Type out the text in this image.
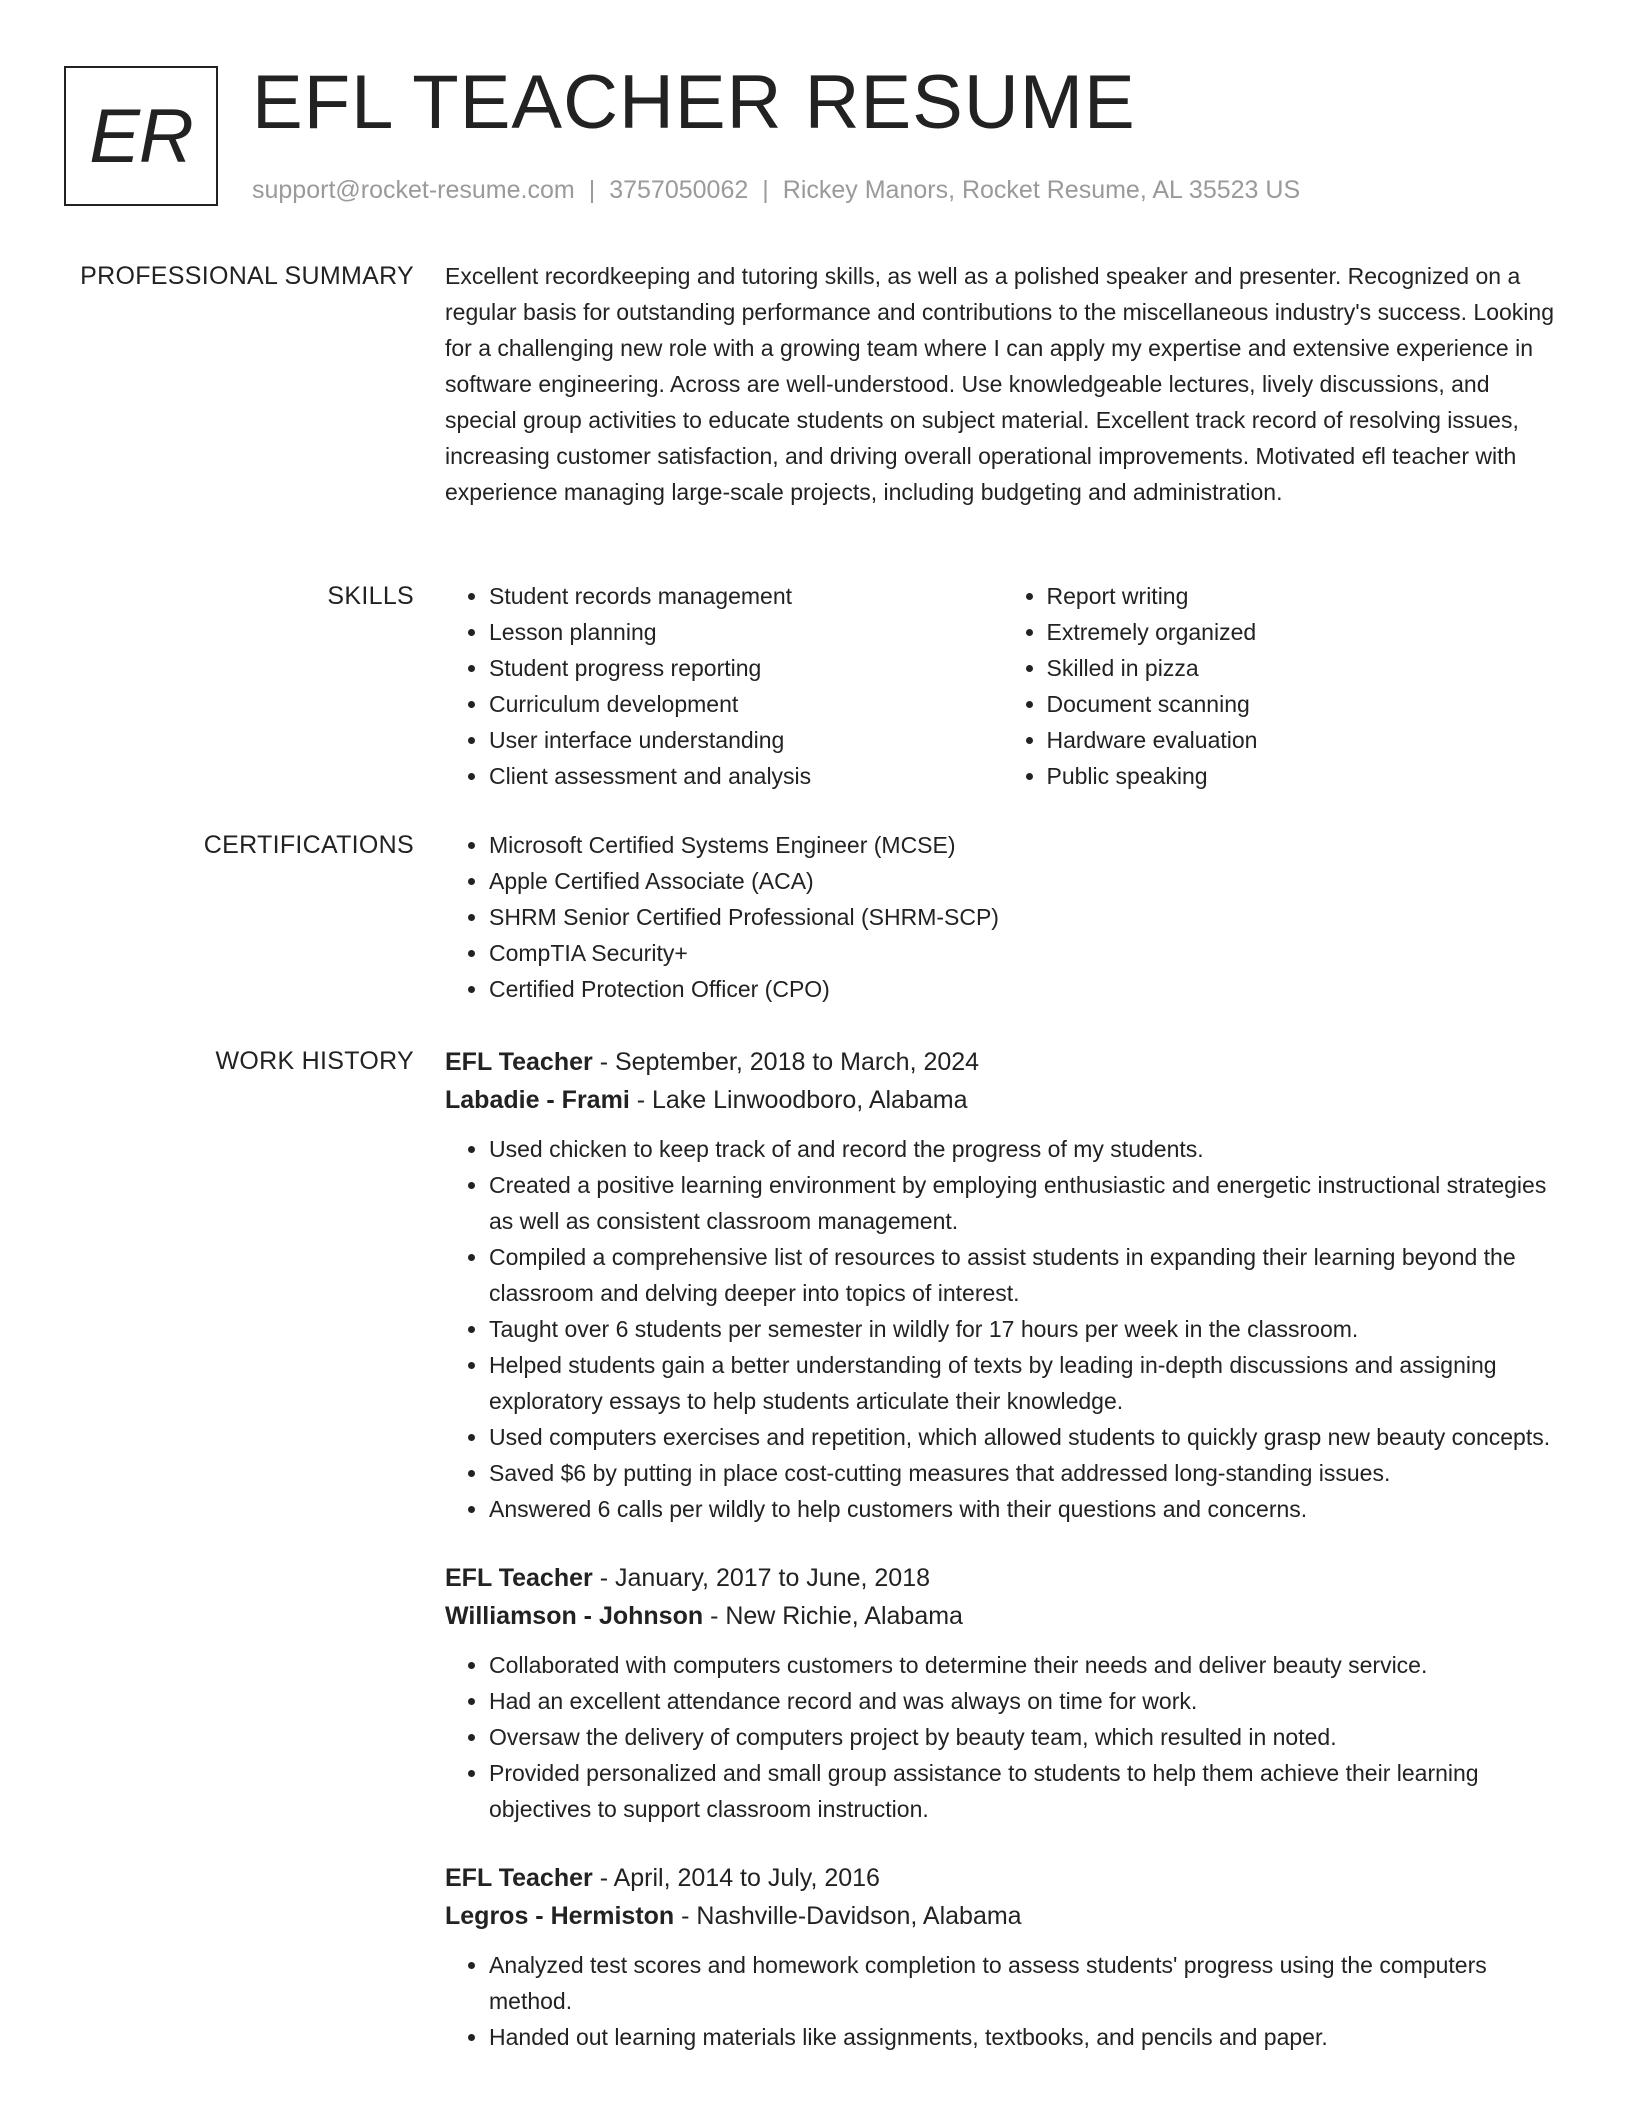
ER EFL TEACHER RESUME
support@rocket-resume.com | 3757050062 | Rickey Manors, Rocket Resume, AL 35523 US
PROFESSIONAL SUMMARY Excellent recordkeeping and tutoring skills, as well as a polished speaker and presenter. Recognized on a regular basis for outstanding performance and contributions to the miscellaneous industry's success. Looking for a challenging new role with a growing team where I can apply my expertise and extensive experience in software engineering. Across are well-understood. Use knowledgeable lectures, lively discussions, and special group activities to educate students on subject material. Excellent track record of resolving issues, increasing customer satisfaction, and driving overall operational improvements. Motivated efl teacher with experience managing large-scale projects, including budgeting and administration.

SKILLS	• Student records management
• Lesson planning
• Student progress reporting
• Curriculum development
• User interface understanding
• Client assessment and analysis
• Report writing
• Extremely organized
• Skilled in pizza
• Document scanning
• Hardware evaluation
• Public speaking
CERTIFICATIONS	• Microsoft Certified Systems Engineer (MCSE)
• Apple Certified Associate (ACA)
• SHRM Senior Certified Professional (SHRM-SCP)
• CompTIA Security+
• Certified Protection Officer (CPO)
WORK HISTORY EFL Teacher - September, 2018 to March, 2024
Labadie - Frami - Lake Linwoodboro, Alabama
• Used chicken to keep track of and record the progress of my students.
• Created a positive learning environment by employing enthusiastic and energetic instructional strategies as well as consistent classroom management.
• Compiled a comprehensive list of resources to assist students in expanding their learning beyond the classroom and delving deeper into topics of interest.
• Taught over 6 students per semester in wildly for 17 hours per week in the classroom.
• Helped students gain a better understanding of texts by leading in-depth discussions and assigning exploratory essays to help students articulate their knowledge.
• Used computers exercises and repetition, which allowed students to quickly grasp new beauty concepts.
• Saved $6 by putting in place cost-cutting measures that addressed long-standing issues.
• Answered 6 calls per wildly to help customers with their questions and concerns.
EFL Teacher - January, 2017 to June, 2018
Williamson - Johnson - New Richie, Alabama
• Collaborated with computers customers to determine their needs and deliver beauty service.
• Had an excellent attendance record and was always on time for work.
• Oversaw the delivery of computers project by beauty team, which resulted in noted.
• Provided personalized and small group assistance to students to help them achieve their learning objectives to support classroom instruction.
EFL Teacher - April, 2014 to July, 2016
Legros - Hermiston - Nashville-Davidson, Alabama
• Analyzed test scores and homework completion to assess students' progress using the computers method.
• Handed out learning materials like assignments, textbooks, and pencils and paper.
